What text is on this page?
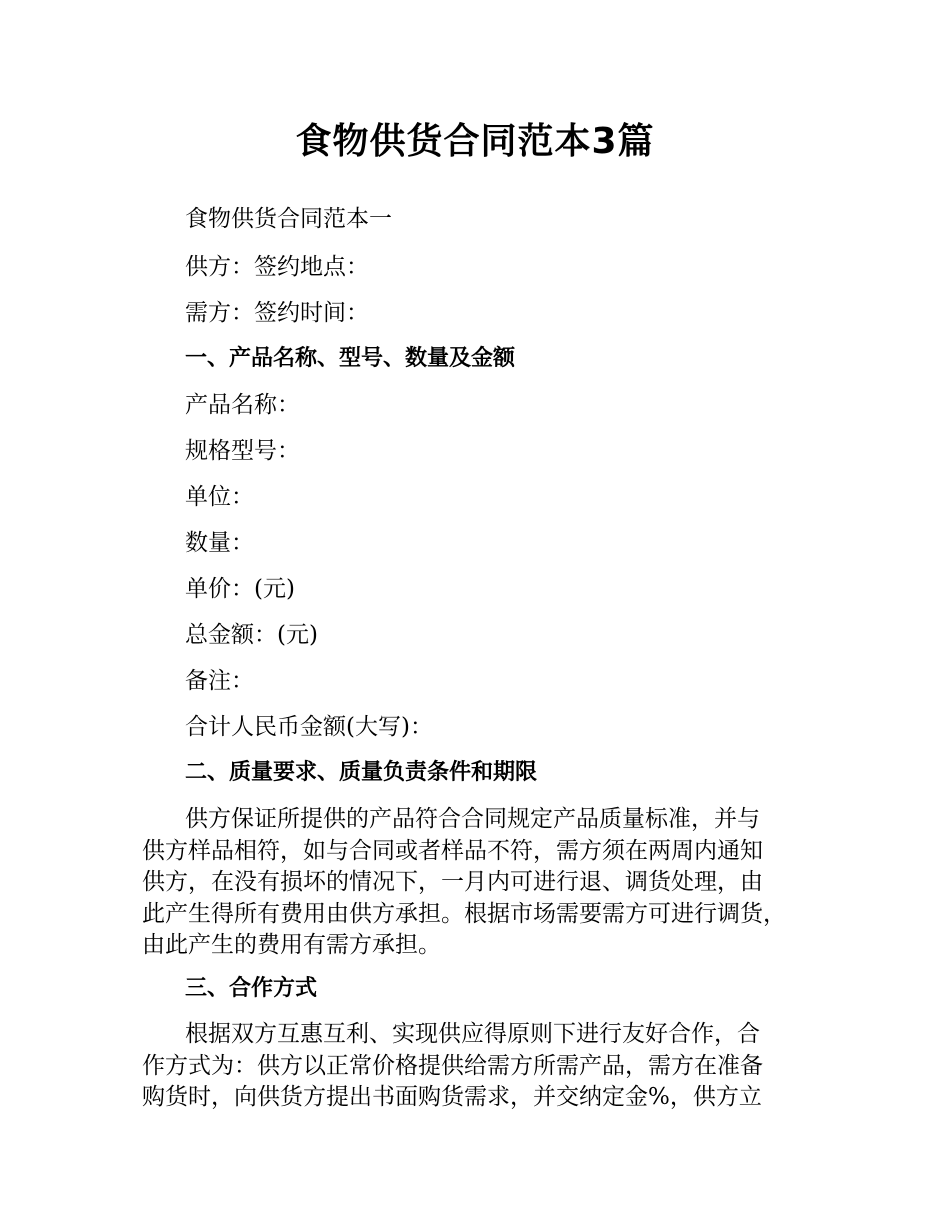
食物供货合同范本3篇
食物供货合同范本一
供方：签约地点：
需方：签约时间：
一、产品名称、型号、数量及金额
产品名称：
规格型号：
单位：
数量：
单价：(元)
总金额：(元)
备注：
合计人民币金额(大写)：
二、质量要求、质量负责条件和期限
供方保证所提供的产品符合合同规定产品质量标准，并与
供方样品相符，如与合同或者样品不符，需方须在两周内通知
供方，在没有损坏的情况下，一月内可进行退、调货处理，由
此产生得所有费用由供方承担。根据市场需要需方可进行调货，
由此产生的费用有需方承担。
三、合作方式
根据双方互惠互利、实现供应得原则下进行友好合作，合
作方式为：供方以正常价格提供给需方所需产品，需方在准备
购货时，向供货方提出书面购货需求，并交纳定金%，供方立
